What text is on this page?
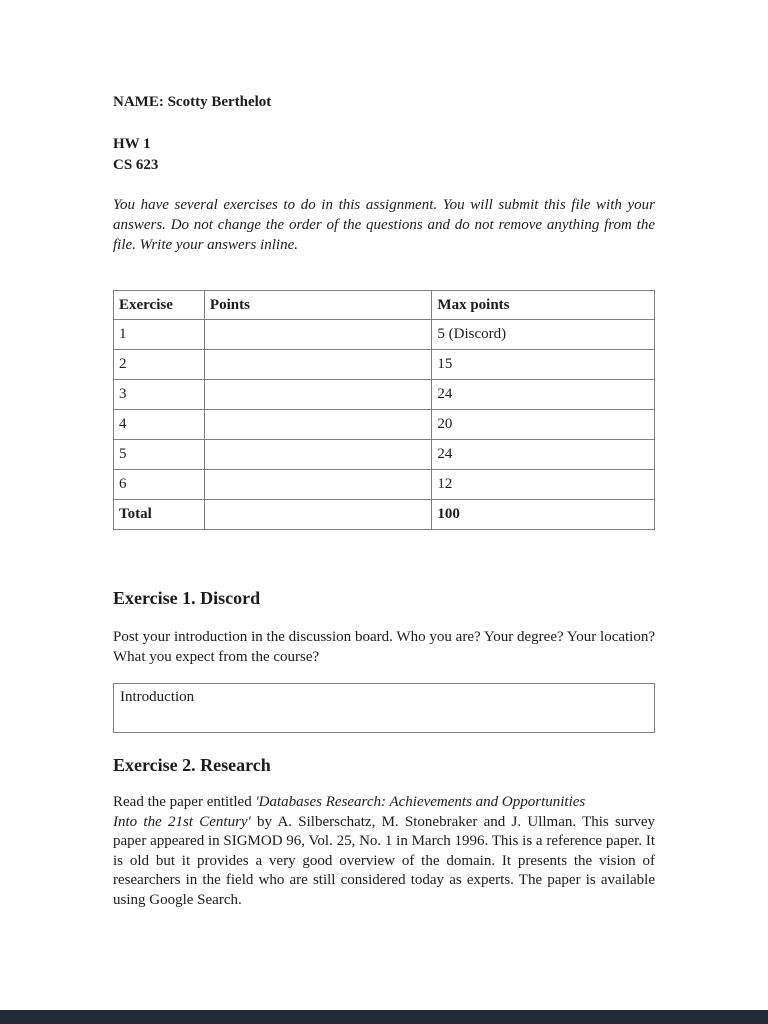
NAME: Scotty Berthelot
HW 1
CS 623

You have several exercises to do in this assignment. You will submit this file with your answers. Do not change the order of the questions and do not remove anything from the file. Write your answers inline.

Exercise	Points	Max points
1		5 (Discord)
2		15
3		24
4		20
5		24
6		12
Total		100
Exercise 1. Discord

Post your introduction in the discussion board. Who you are? Your degree? Your location? What you expect from the course?

Introduction
Exercise 2. Research

Read the paper entitled 'Databases Research: Achievements and Opportunities
Into the 21st Century' by A. Silberschatz, M. Stonebraker and J. Ullman. This survey paper appeared in SIGMOD 96, Vol. 25, No. 1 in March 1996. This is a reference paper. It is old but it provides a very good overview of the domain. It presents the vision of researchers in the field who are still considered today as experts. The paper is available using Google Search.
